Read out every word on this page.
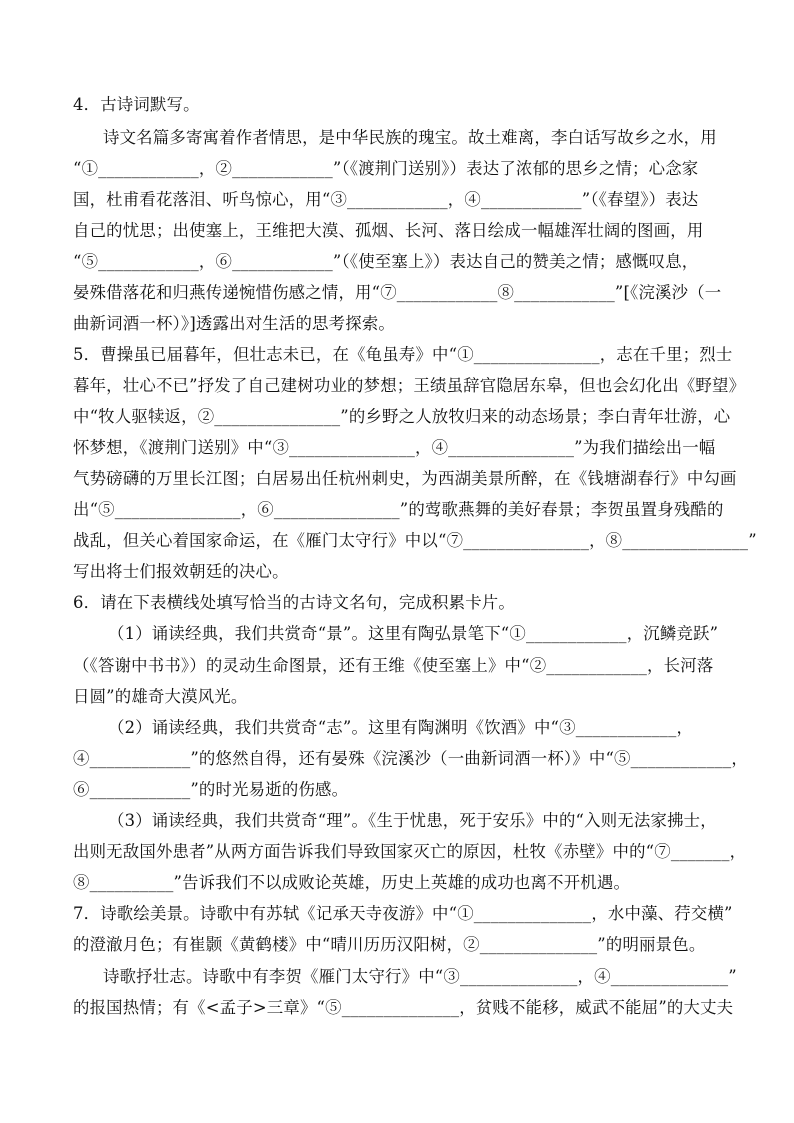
4．古诗词默写。
诗文名篇多寄寓着作者情思，是中华民族的瑰宝。故土难离，李白话写故乡之水，用
“①____________，②____________”（《渡荆门送别》）表达了浓郁的思乡之情；心念家
国，杜甫看花落泪、听鸟惊心，用“③____________，④____________”（《春望》）表达
自己的忧思；出使塞上，王维把大漠、孤烟、长河、落日绘成一幅雄浑壮阔的图画，用
“⑤____________，⑥____________”（《使至塞上》）表达自己的赞美之情；感慨叹息，
晏殊借落花和归燕传递惋惜伤感之情，用“⑦____________⑧____________”[《浣溪沙（一
曲新词酒一杯）》]透露出对生活的思考探索。
5．曹操虽已届暮年，但壮志未已，在《龟虽寿》中“①_______________，志在千里；烈士
暮年，壮心不已”抒发了自己建树功业的梦想；王绩虽辞官隐居东皋，但也会幻化出《野望》
中“牧人驱犊返，②_______________”的乡野之人放牧归来的动态场景；李白青年壮游，心
怀梦想，《渡荆门送别》中“③_______________，④_______________”为我们描绘出一幅
气势磅礴的万里长江图；白居易出任杭州刺史，为西湖美景所醉，在《钱塘湖春行》中勾画
出“⑤_______________，⑥_______________”的莺歌燕舞的美好春景；李贺虽置身残酷的
战乱，但关心着国家命运，在《雁门太守行》中以“⑦_______________，⑧_______________”
写出将士们报效朝廷的决心。
6．请在下表横线处填写恰当的古诗文名句，完成积累卡片。
（1）诵读经典，我们共赏奇“景”。这里有陶弘景笔下“①____________，沉鳞竞跃”
（《答谢中书书》）的灵动生命图景，还有王维《使至塞上》中“②____________，长河落
日圆”的雄奇大漠风光。
（2）诵读经典，我们共赏奇“志”。这里有陶渊明《饮酒》中“③____________，
④____________”的悠然自得，还有晏殊《浣溪沙（一曲新词酒一杯）》中“⑤____________，
⑥____________”的时光易逝的伤感。
（3）诵读经典，我们共赏奇“理”。《生于忧患，死于安乐》中的“入则无法家拂士，
出则无敌国外患者”从两方面告诉我们导致国家灭亡的原因，杜牧《赤壁》中的“⑦_______，
⑧__________”告诉我们不以成败论英雄，历史上英雄的成功也离不开机遇。
7．诗歌绘美景。诗歌中有苏轼《记承天寺夜游》中“①______________，水中藻、荇交横”
的澄澈月色；有崔颢《黄鹤楼》中“晴川历历汉阳树，②______________”的明丽景色。
诗歌抒壮志。诗歌中有李贺《雁门太守行》中“③______________，④______________”
的报国热情；有《<孟子>三章》“⑤______________，贫贱不能移，威武不能屈”的大丈夫
